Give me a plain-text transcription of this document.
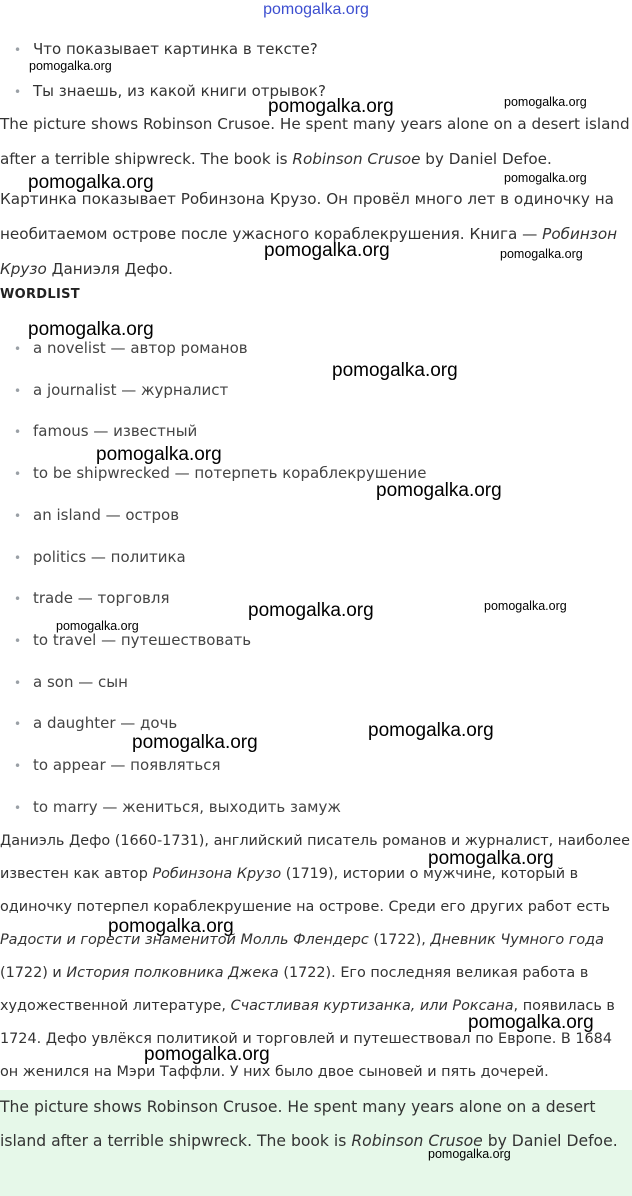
pomogalka.org
• Что показывает картинка в тексте?
• Ты знаешь, из какой книги отрывок?

The picture shows Robinson Crusoe. He spent many years alone on a desert island after a terrible shipwreck. The book is Robinson Crusoe by Daniel Defoe.

Картинка показывает Робинзона Крузо. Он провёл много лет в одиночку на необитаемом острове после ужасного кораблекрушения. Книга — Робинзон Крузо Даниэля Дефо.

WORDLIST
• a novelist — автор романов
• a journalist — журналист
• famous — известный
• to be shipwrecked — потерпеть кораблекрушение
• an island — остров
• politics — политика
• trade — торговля
• to travel — путешествовать
• a son — сын
• a daughter — дочь
• to appear — появляться
• to marry — жениться, выходить замуж

Даниэль Дефо (1660-1731), английский писатель романов и журналист, наиболее известен как автор Робинзона Крузо (1719), истории о мужчине, который в одиночку потерпел кораблекрушение на острове. Среди его других работ есть Радости и горести знаменитой Молль Флендерс (1722), Дневник Чумного года (1722) и История полковника Джека (1722). Его последняя великая работа в художественной литературе, Счастливая куртизанка, или Роксана, появилась в 1724. Дефо увлёкся политикой и торговлей и путешествовал по Европе. В 1684 он женился на Мэри Таффли. У них было двое сыновей и пять дочерей.

The picture shows Robinson Crusoe. He spent many years alone on a desert island after a terrible shipwreck. The book is Robinson Crusoe by Daniel Defoe.

pomogalka.org
pomogalka.org	pomogalka.org
pomogalka.org	pomogalka.org
pomogalka.org	pomogalka.org
pomogalka.org
pomogalka.org
pomogalka.org
pomogalka.org
pomogalka.org	pomogalka.org
pomogalka.org
pomogalka.org
pomogalka.org
pomogalka.org
pomogalka.org
pomogalka.org
pomogalka.org
pomogalka.org
